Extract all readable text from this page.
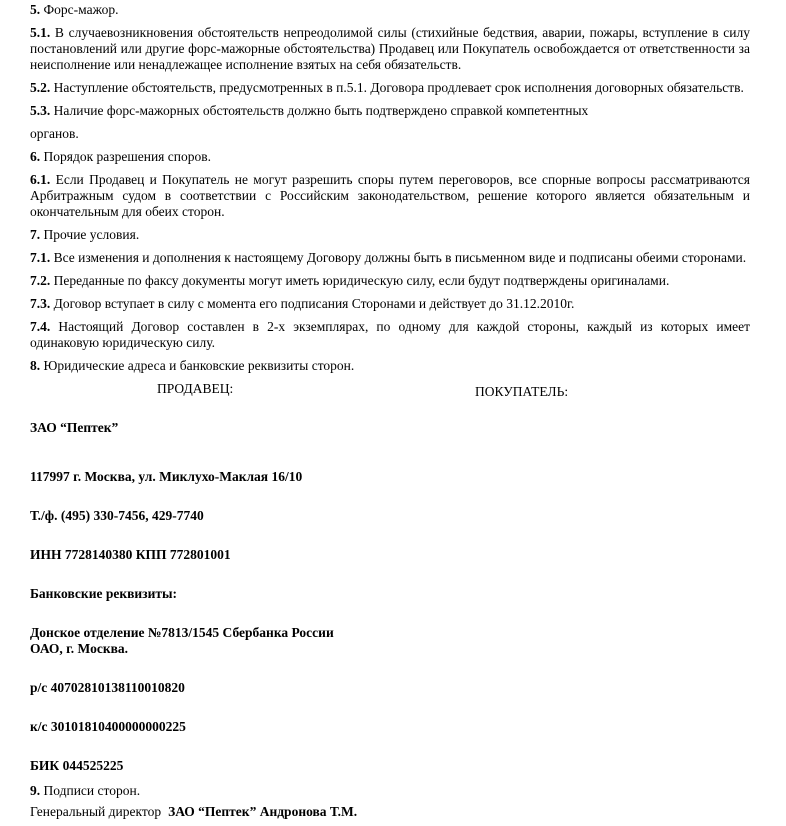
5. Форс-мажор.

5.1. В случаевозникновения обстоятельств непреодолимой силы (стихийные бедствия, аварии, пожары, вступление в силу постановлений или другие форс-мажорные обстоятельства) Продавец или Покупатель освобождается от ответственности за неисполнение или ненадлежащее исполнение взятых на себя обязательств.

5.2. Наступление обстоятельств, предусмотренных в п.5.1. Договора продлевает срок исполнения договорных обязательств.

5.3. Наличие форс-мажорных обстоятельств должно быть подтверждено справкой компетентных

органов.

6. Порядок разрешения споров.

6.1. Если Продавец и Покупатель не могут разрешить споры путем переговоров, все спорные вопросы рассматриваются Арбитражным судом в соответствии с Российским законодательством, решение которого является обязательным и окончательным для обеих сторон.

7. Прочие условия.

7.1. Все изменения и дополнения к настоящему Договору должны быть в письменном виде и подписаны обеими сторонами.

7.2. Переданные по факсу документы могут иметь юридическую силу, если будут подтверждены оригиналами.

7.3. Договор вступает в силу с момента его подписания Сторонами и действует до 31.12.2010г.

7.4. Настоящий Договор составлен в 2-х экземплярах, по одному для каждой стороны, каждый из которых имеет одинаковую юридическую силу.

8. Юридические адреса и банковские реквизиты сторон.

ПРОДАВЕЦ:	ПОКУПАТЕЛЬ:
ЗАО “Пептек”
117997 г. Москва, ул. Миклухо-Маклая 16/10
Т./ф. (495) 330-7456, 429-7740
ИНН 7728140380 КПП 772801001
Банковские реквизиты:
Донское отделение №7813/1545 Сбербанка России
ОАО, г. Москва.
р/с 40702810138110010820
к/с 30101810400000000225
БИК 044525225

9. Подписи сторон.

Генеральный директор ЗАО “Пептек” Андронова Т.М.
